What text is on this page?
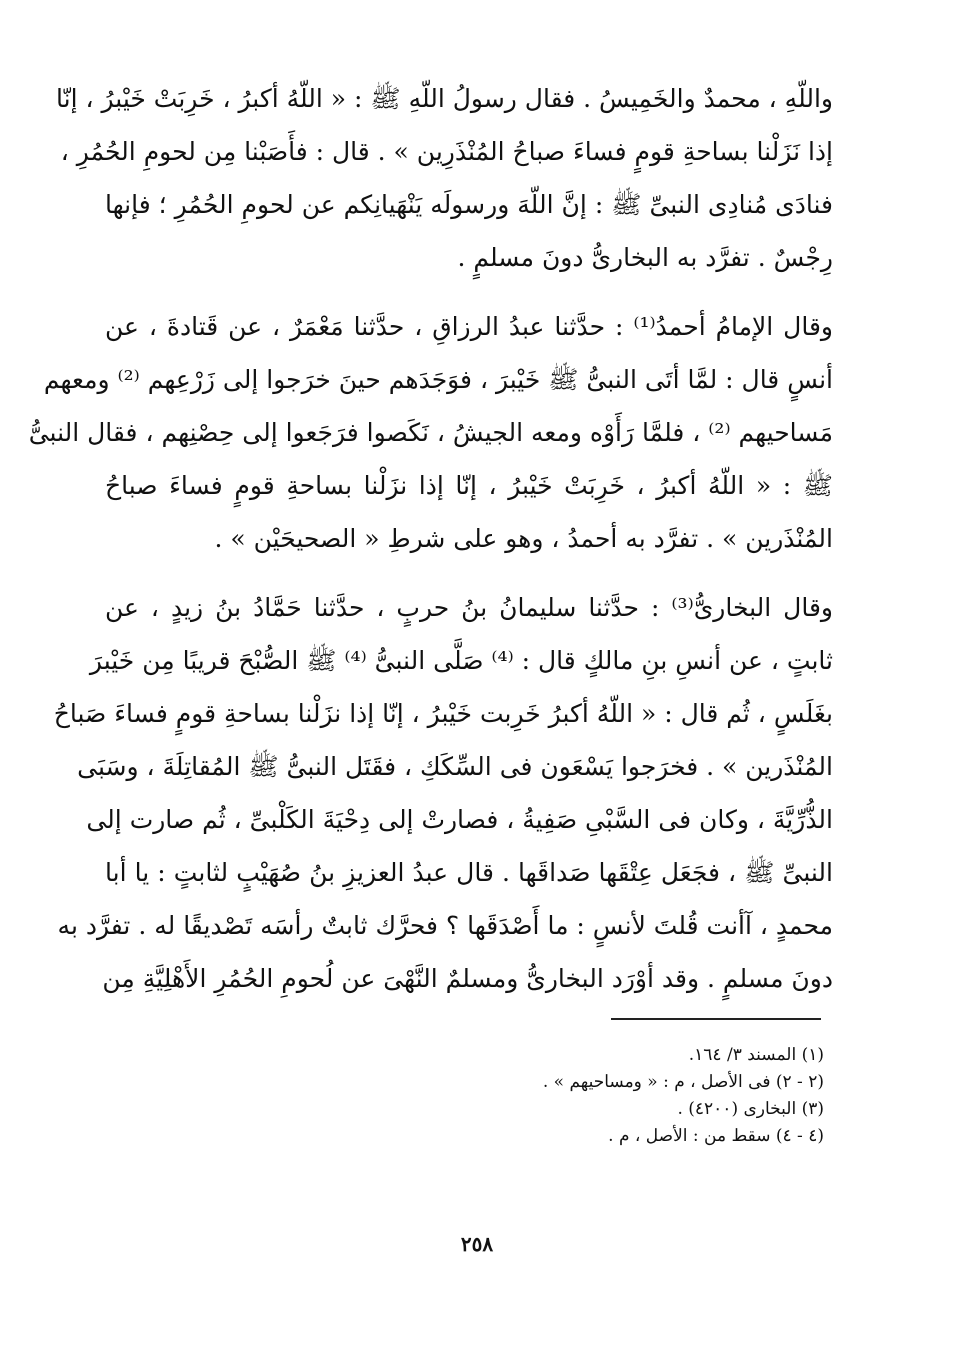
واللّهِ ، محمدٌ والخَمِيسُ . فقال رسولُ اللّهِ ﷺ : « اللّهُ أكبرُ ، خَرِبَتْ خَيْبرُ ، إنّا
إذا نَزَلْنا بساحةِ قومٍ فساءَ صباحُ المُنْذَرِين » . قال : فأَصَبْنا مِن لحومِ الحُمُرِ ،
فنادَى مُنادِى النبىِّ ﷺ : إنَّ اللّهَ ورسولَه يَنْهَيانِكم عن لحومِ الحُمُرِ ؛ فإنها
رِجْسٌ . تفرَّد به البخارىُّ دونَ مسلمٍ .
وقال الإمامُ أحمدُ⁽¹⁾ : حدَّثنا عبدُ الرزاقِ ، حدَّثنا مَعْمَرٌ ، عن قَتادةَ ، عن
أنسٍ قال : لمَّا أتَى النبىُّ ﷺ خَيْبرَ ، فوَجَدَهم حينَ خرَجوا إلى زَرْعِهم ⁽²⁾ ومعهم
مَساحيهم ⁽²⁾ ، فلمَّا رَأَوْه ومعه الجيشُ ، نَكَصوا فرَجَعوا إلى حِصْنِهم ، فقال النبىُّ
ﷺ : « اللّهُ أكبرُ ، خَرِبَتْ خَيْبرُ ، إنّا إذا نزَلْنا بساحةِ قومٍ فساءَ صباحُ
المُنْذَرين » . تفرَّد به أحمدُ ، وهو على شرطِ « الصحيحَيْن » .
وقال البخارىُّ⁽³⁾ : حدَّثنا سليمانُ بنُ حربٍ ، حدَّثنا حَمَّادُ بنُ زيدٍ ، عن
ثابتٍ ، عن أنسِ بنِ مالكٍ قال : ⁽⁴⁾ صَلَّى النبىُّ ⁽⁴⁾ ﷺ الصُّبْحَ قريبًا مِن خَيْبرَ
بغَلَسٍ ، ثُم قال : « اللّهُ أكبرُ خَرِبت خَيْبرُ ، إنّا إذا نزَلْنا بساحةِ قومٍ فساءَ صَباحُ
المُنْذَرين » . فخرَجوا يَسْعَون فى السِّكَكِ ، فقَتَل النبىُّ ﷺ المُقاتِلَةَ ، وسَبَى
الذُّرِّيَّةَ ، وكان فى السَّبْىِ صَفِيةُ ، فصارتْ إلى دِحْيَةَ الكَلْبىِّ ، ثُم صارت إلى
النبىِّ ﷺ ، فجَعَل عِتْقَها صَداقَها . قال عبدُ العزيزِ بنُ صُهَيْبٍ لثابتٍ : يا أبا
محمدٍ ، آأنت قُلتَ لأنسٍ : ما أَصْدَقَها ؟ فحرَّك ثابتٌ رأسَه تَصْديقًا له . تفرَّد به
دونَ مسلمٍ . وقد أوْرَد البخارىُّ ومسلمٌ النَّهْىَ عن لُحومِ الحُمُرِ الأَهْلِيَّةِ مِن
(١) المسند ٣/ ١٦٤.
(٢ - ٢) فى الأصل ، م : « ومساحيهم » .
(٣) البخارى (٤٢٠٠) .
(٤ - ٤) سقط من : الأصل ، م .
٢٥٨
